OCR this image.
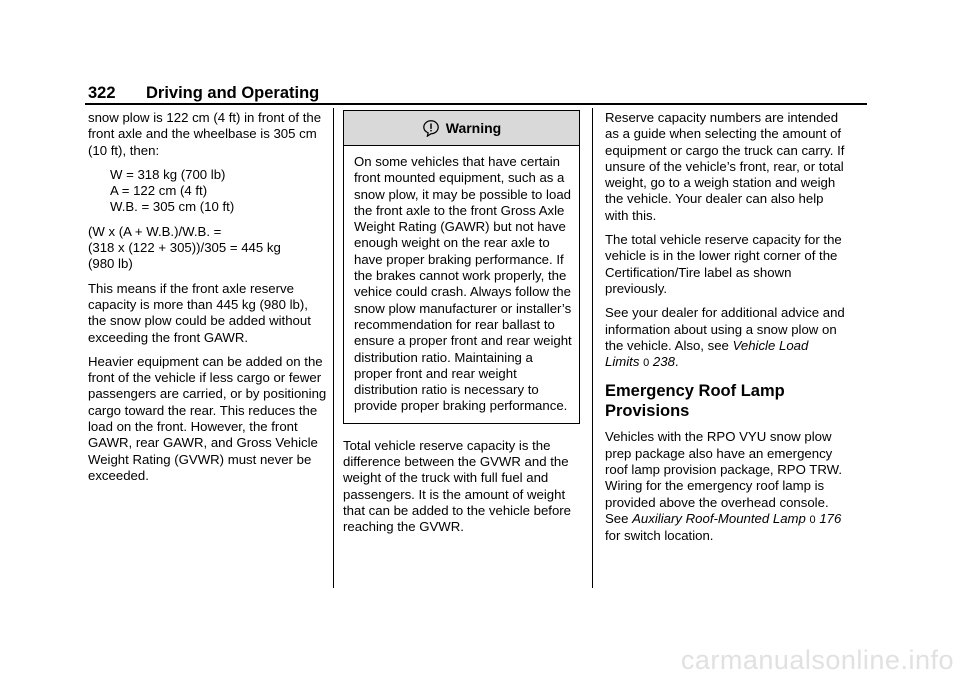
322 Driving and Operating

snow plow is 122 cm (4 ft) in front of the front axle and the wheelbase is 305 cm (10 ft), then:

W = 318 kg (700 lb)
A = 122 cm (4 ft)
W.B. = 305 cm (10 ft)
(W x (A + W.B.)/W.B. =
(318 x (122 + 305))/305 = 445 kg
(980 lb)

This means if the front axle reserve capacity is more than 445 kg (980 lb), the snow plow could be added without exceeding the front GAWR.

Heavier equipment can be added on the front of the vehicle if less cargo or fewer passengers are carried, or by positioning cargo toward the rear. This reduces the load on the front. However, the front GAWR, rear GAWR, and Gross Vehicle Weight Rating (GVWR) must never be exceeded.

Warning
On some vehicles that have certain front mounted equipment, such as a snow plow, it may be possible to load the front axle to the front Gross Axle Weight Rating (GAWR) but not have enough weight on the rear axle to have proper braking performance. If the brakes cannot work properly, the vehice could crash. Always follow the snow plow manufacturer or installer’s recommendation for rear ballast to ensure a proper front and rear weight distribution ratio. Maintaining a proper front and rear weight distribution ratio is necessary to provide proper braking performance.

Total vehicle reserve capacity is the difference between the GVWR and the weight of the truck with full fuel and passengers. It is the amount of weight that can be added to the vehicle before reaching the GVWR.

Reserve capacity numbers are intended as a guide when selecting the amount of equipment or cargo the truck can carry. If unsure of the vehicle’s front, rear, or total weight, go to a weigh station and weigh the vehicle. Your dealer can also help with this.

The total vehicle reserve capacity for the vehicle is in the lower right corner of the Certification/Tire label as shown previously.

See your dealer for additional advice and information about using a snow plow on the vehicle. Also, see Vehicle Load Limits 0 238.

Emergency Roof Lamp Provisions

Vehicles with the RPO VYU snow plow prep package also have an emergency roof lamp provision package, RPO TRW. Wiring for the emergency roof lamp is provided above the overhead console. See Auxiliary Roof-Mounted Lamp 0 176 for switch location.

carmanualsonline.info
